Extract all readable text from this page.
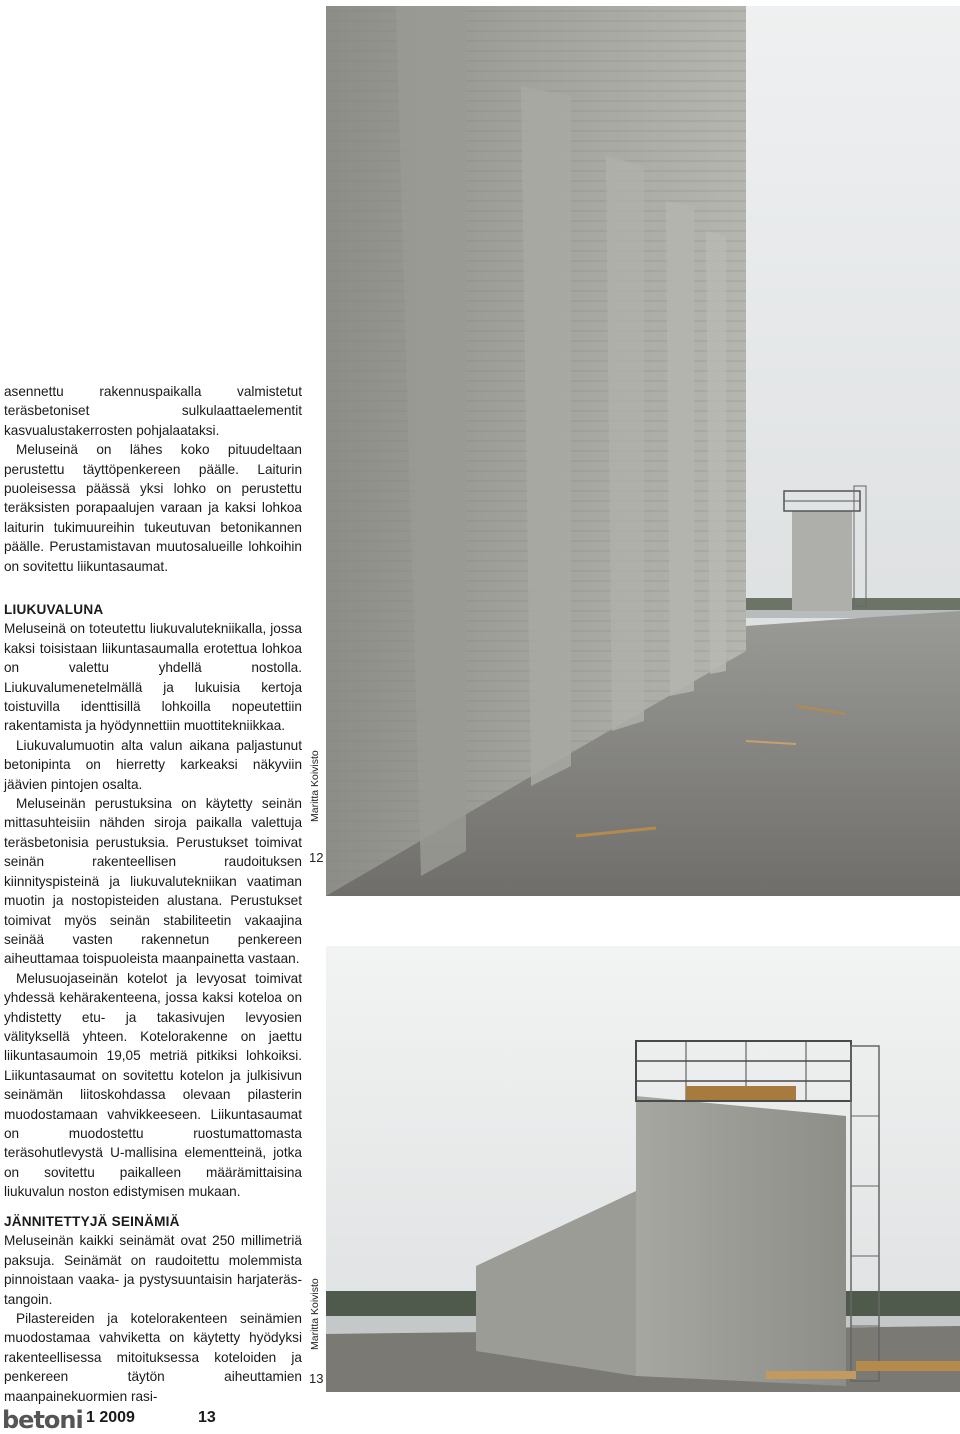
asennettu rakennuspaikalla valmistetut teräsbetoniset sulkulaattaelementit kasvualustakerrosten pohjalaataksi.

Meluseinä on lähes koko pituudeltaan perustettu täyttöpenkereen päälle. Laiturin puoleisessa päässä yksi lohko on perustettu teräksisten porapaalujen varaan ja kaksi lohkoa laiturin tukimuureihin tukeutuvan betonikannen päälle. Perustamistavan muutosalueille lohkoihin on sovitettu liikuntasaumat.

LIUKUVALUNA

Meluseinä on toteutettu liukuvalutekniikalla, jossa kaksi toisistaan liikuntasaumalla erotettua lohkoa on valettu yhdellä nostolla. Liukuvalumenetelmällä ja lukuisia kertoja toistuvilla identtisillä lohkoilla nopeutettiin rakentamista ja hyödynnettiin muottitekniikkaa.

Liukuvalumuotin alta valun aikana paljastunut betonipinta on hierretty karkeaksi näkyviin jäävien pintojen osalta.

Meluseinän perustuksina on käytetty seinän mittasuhteisiin nähden siroja paikalla valettuja teräsbetonisia perustuksia. Perustukset toimivat seinän rakenteellisen raudoituksen kiinnityspisteinä ja liukuvalutekniikan vaatiman muotin ja nostopisteiden alustana. Perustukset toimivat myös seinän stabiliteetin vakaajina seinää vasten rakennetun penkereen aiheuttamaa toispuoleista maanpainetta vastaan.

Melusuojaseinän kotelot ja levyosat toimivat yhdessä kehärakenteena, jossa kaksi koteloa on yhdistetty etu- ja takasivujen levyosien välityksellä yhteen. Kotelorakenne on jaettu liikuntasaumoin 19,05 metriä pitkiksi lohkoiksi. Liikuntasaumat on sovitettu kotelon ja julkisivun seinämän liitoskohdassa olevaan pilasterin muodostamaan vahvikkeeseen. Liikuntasaumat on muodostettu ruostumattomasta teräsohutlevystä U-mallisina elementteinä, jotka on sovitettu paikalleen määrämittaisina liukuvalun noston edistymisen mukaan.

JÄNNITETTYJÄ SEINÄMIÄ

Meluseinän kaikki seinämät ovat 250 millimetriä paksuja. Seinämät on raudoitettu molemmista pinnoistaan vaaka- ja pystysuuntaisin harjateräs-tangoin.

Pilastereiden ja kotelorakenteen seinämien muodostamaa vahviketta on käytetty hyödyksi rakenteellisessa mitoituksessa koteloiden ja penkereen täytön aiheuttamien maanpainekuormien rasi-

Maritta Koivisto
12
Maritta Koivisto
13
betoni 1 2009	13
